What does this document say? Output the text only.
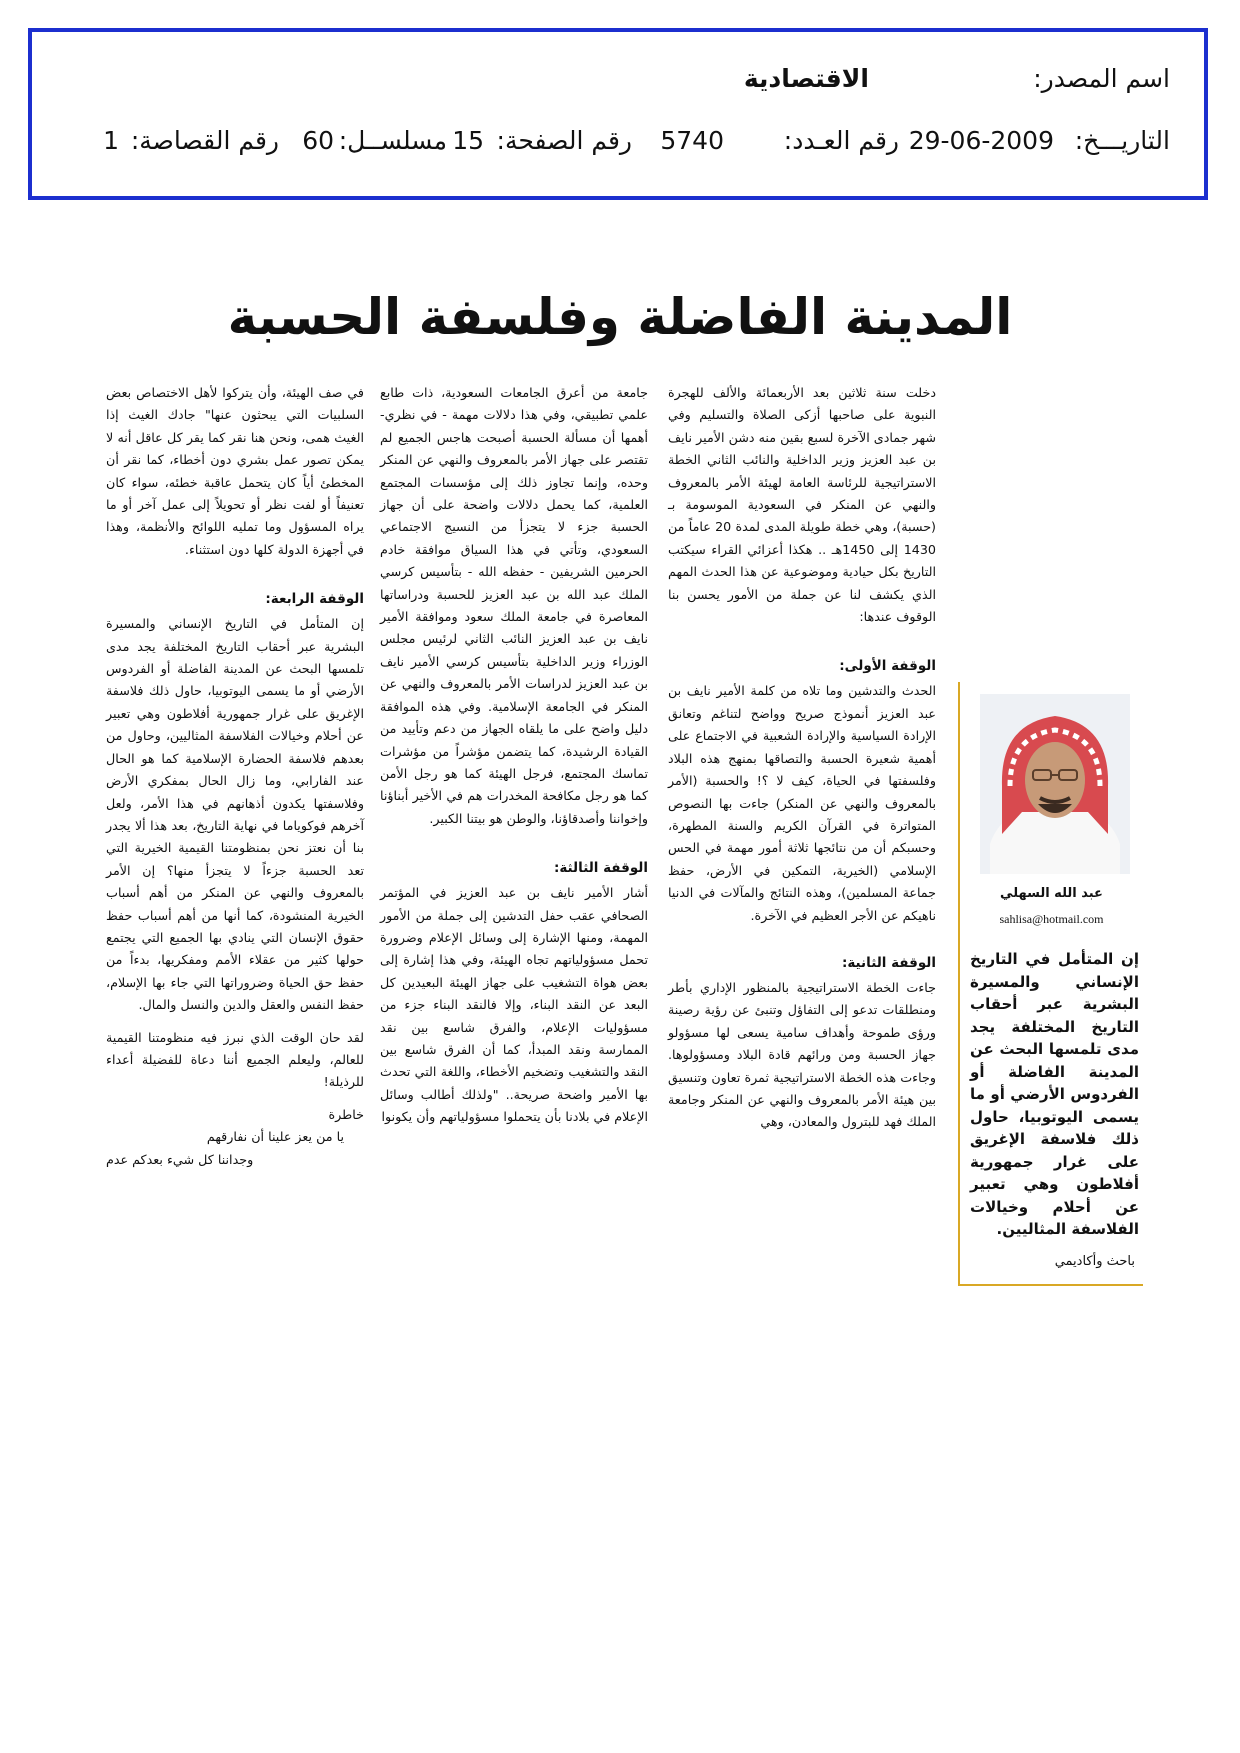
اسم المصدر:
الاقتصادية
التاريـــخ:
29-06-2009
رقم العـدد:
5740
رقم الصفحة:
15
مسلســل:
60
رقم القصاصة:
1
المدينة الفاضلة وفلسفة الحسبة

دخلت سنة ثلاثين بعد الأربعمائة والألف للهجرة النبوية على صاحبها أزكى الصلاة والتسليم وفي شهر جمادى الآخرة لسبع بقين منه دشن الأمير نايف بن عبد العزيز وزير الداخلية والنائب الثاني الخطة الاستراتيجية للرئاسة العامة لهيئة الأمر بالمعروف والنهي عن المنكر في السعودية الموسومة بـ (حسبة)، وهي خطة طويلة المدى لمدة 20 عاماً من 1430 إلى 1450هـ .. هكذا أعزائي القراء سيكتب التاريخ بكل حيادية وموضوعية عن هذا الحدث المهم الذي يكشف لنا عن جملة من الأمور يحسن بنا الوقوف عندها:

الوقفة الأولى:

الحدث والتدشين وما تلاه من كلمة الأمير نايف بن عبد العزيز أنموذج صريح وواضح لتناغم وتعانق الإرادة السياسية والإرادة الشعبية في الاجتماع على أهمية شعيرة الحسبة والتصاقها بمنهج هذه البلاد وفلسفتها في الحياة، كيف لا ؟! والحسبة (الأمر بالمعروف والنهي عن المنكر) جاءت بها النصوص المتواترة في القرآن الكريم والسنة المطهرة، وحسبكم أن من نتائجها ثلاثة أمور مهمة في الحس الإسلامي (الخيرية، التمكين في الأرض، حفظ جماعة المسلمين)، وهذه النتائج والمآلات في الدنيا ناهيكم عن الأجر العظيم في الآخرة.

الوقفة الثانية:

جاءت الخطة الاستراتيجية بالمنظور الإداري بأطر ومنطلقات تدعو إلى التفاؤل وتنبئ عن رؤية رصينة ورؤى طموحة وأهداف سامية يسعى لها مسؤولو جهاز الحسبة ومن ورائهم قادة البلاد ومسؤولوها. وجاءت هذه الخطة الاستراتيجية ثمرة تعاون وتنسيق بين هيئة الأمر بالمعروف والنهي عن المنكر وجامعة الملك فهد للبترول والمعادن، وهي

عبد الله السهلي
sahlisa@hotmail.com
إن المتأمل في التاريخ الإنساني والمسيرة البشرية عبر أحقاب التاريخ المختلفة يجد مدى تلمسها البحث عن المدينة الفاضلة أو الفردوس الأرضي أو ما يسمى اليوتوبيا، حاول ذلك فلاسفة الإغريق على غرار جمهورية أفلاطون وهي تعبير عن أحلام وخيالات الفلاسفة المثاليين.
باحث وأكاديمي

جامعة من أعرق الجامعات السعودية، ذات طابع علمي تطبيقي، وفي هذا دلالات مهمة - في نظري- أهمها أن مسألة الحسبة أصبحت هاجس الجميع لم تقتصر على جهاز الأمر بالمعروف والنهي عن المنكر وحده، وإنما تجاوز ذلك إلى مؤسسات المجتمع العلمية، كما يحمل دلالات واضحة على أن جهاز الحسبة جزء لا يتجزأ من النسيج الاجتماعي السعودي، وتأتي في هذا السياق موافقة خادم الحرمين الشريفين - حفظه الله - بتأسيس كرسي الملك عبد الله بن عبد العزيز للحسبة ودراساتها المعاصرة في جامعة الملك سعود وموافقة الأمير نايف بن عبد العزيز النائب الثاني لرئيس مجلس الوزراء وزير الداخلية بتأسيس كرسي الأمير نايف بن عبد العزيز لدراسات الأمر بالمعروف والنهي عن المنكر في الجامعة الإسلامية. وفي هذه الموافقة دليل واضح على ما يلقاه الجهاز من دعم وتأييد من القيادة الرشيدة، كما يتضمن مؤشراً من مؤشرات تماسك المجتمع، فرجل الهيئة كما هو رجل الأمن كما هو رجل مكافحة المخدرات هم في الأخير أبناؤنا وإخواننا وأصدقاؤنا، والوطن هو بيتنا الكبير.

الوقفة الثالثة:

أشار الأمير نايف بن عبد العزيز في المؤتمر الصحافي عقب حفل التدشين إلى جملة من الأمور المهمة، ومنها الإشارة إلى وسائل الإعلام وضرورة تحمل مسؤولياتهم تجاه الهيئة، وفي هذا إشارة إلى بعض هواة التشغيب على جهاز الهيئة البعيدين كل البعد عن النقد البناء، وإلا فالنقد البناء جزء من مسؤوليات الإعلام، والفرق شاسع بين نقد الممارسة ونقد المبدأ، كما أن الفرق شاسع بين النقد والتشغيب وتضخيم الأخطاء، واللغة التي تحدث بها الأمير واضحة صريحة.. "ولذلك أطالب وسائل الإعلام في بلادنا بأن يتحملوا مسؤولياتهم وأن يكونوا

في صف الهيئة، وأن يتركوا لأهل الاختصاص بعض السلبيات التي يبحثون عنها" جادك الغيث إذا الغيث همى، ونحن هنا نقر كما يقر كل عاقل أنه لا يمكن تصور عمل بشري دون أخطاء، كما نقر أن المخطئ أياً كان يتحمل عاقبة خطئه، سواء كان تعنيفاً أو لفت نظر أو تحويلاً إلى عمل آخر أو ما يراه المسؤول وما تمليه اللوائح والأنظمة، وهذا في أجهزة الدولة كلها دون استثناء.

الوقفة الرابعة:

إن المتأمل في التاريخ الإنساني والمسيرة البشرية عبر أحقاب التاريخ المختلفة يجد مدى تلمسها البحث عن المدينة الفاضلة أو الفردوس الأرضي أو ما يسمى اليوتوبيا، حاول ذلك فلاسفة الإغريق على غرار جمهورية أفلاطون وهي تعبير عن أحلام وخيالات الفلاسفة المثاليين، وحاول من بعدهم فلاسفة الحضارة الإسلامية كما هو الحال عند الفارابي، وما زال الحال بمفكري الأرض وفلاسفتها يكدون أذهانهم في هذا الأمر، ولعل آخرهم فوكوياما في نهاية التاريخ، بعد هذا ألا يجدر بنا أن نعتز نحن بمنظومتنا القيمية الخيرية التي تعد الحسبة جزءاً لا يتجزأ منها؟ إن الأمر بالمعروف والنهي عن المنكر من أهم أسباب الخيرية المنشودة، كما أنها من أهم أسباب حفظ حقوق الإنسان التي ينادي بها الجميع التي يجتمع حولها كثير من عقلاء الأمم ومفكريها، بدءاً من حفظ حق الحياة وضروراتها التي جاء بها الإسلام، حفظ النفس والعقل والدين والنسل والمال.

لقد حان الوقت الذي نبرز فيه منظومتنا القيمية للعالم، وليعلم الجميع أننا دعاة للفضيلة أعداء للرذيلة!

خاطرة

يا من يعز علينا أن نفارقهم

وجداننا كل شيء بعدكم عدم
